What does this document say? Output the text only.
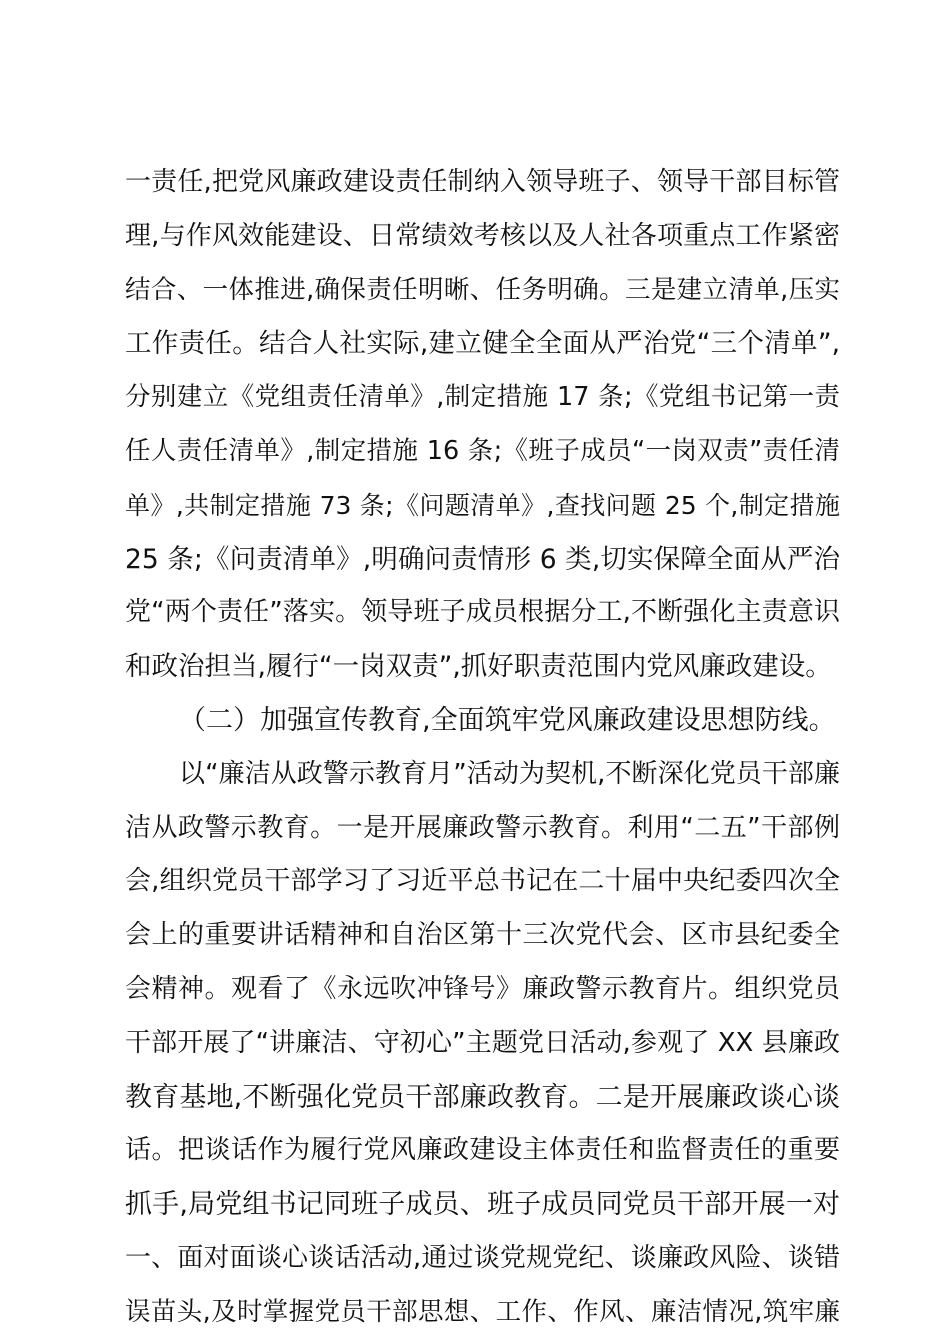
一责任,把党风廉政建设责任制纳入领导班子、领导干部目标管
理,与作风效能建设、日常绩效考核以及人社各项重点工作紧密
结合、一体推进,确保责任明晰、任务明确。三是建立清单,压实
工作责任。结合人社实际,建立健全全面从严治党“三个清单”,
分别建立《党组责任清单》,制定措施 17 条;《党组书记第一责
任人责任清单》,制定措施 16 条;《班子成员“一岗双责”责任清
单》,共制定措施 73 条;《问题清单》,查找问题 25 个,制定措施
25 条;《问责清单》,明确问责情形 6 类,切实保障全面从严治
党“两个责任”落实。领导班子成员根据分工,不断强化主责意识
和政治担当,履行“一岗双责”,抓好职责范围内党风廉政建设。
（二）加强宣传教育,全面筑牢党风廉政建设思想防线。
以“廉洁从政警示教育月”活动为契机,不断深化党员干部廉
洁从政警示教育。一是开展廉政警示教育。利用“二五”干部例
会,组织党员干部学习了习近平总书记在二十届中央纪委四次全
会上的重要讲话精神和自治区第十三次党代会、区市县纪委全
会精神。观看了《永远吹冲锋号》廉政警示教育片。组织党员
干部开展了“讲廉洁、守初心”主题党日活动,参观了 XX 县廉政
教育基地,不断强化党员干部廉政教育。二是开展廉政谈心谈
话。把谈话作为履行党风廉政建设主体责任和监督责任的重要
抓手,局党组书记同班子成员、班子成员同党员干部开展一对
一、面对面谈心谈话活动,通过谈党规党纪、谈廉政风险、谈错
误苗头,及时掌握党员干部思想、工作、作风、廉洁情况,筑牢廉
